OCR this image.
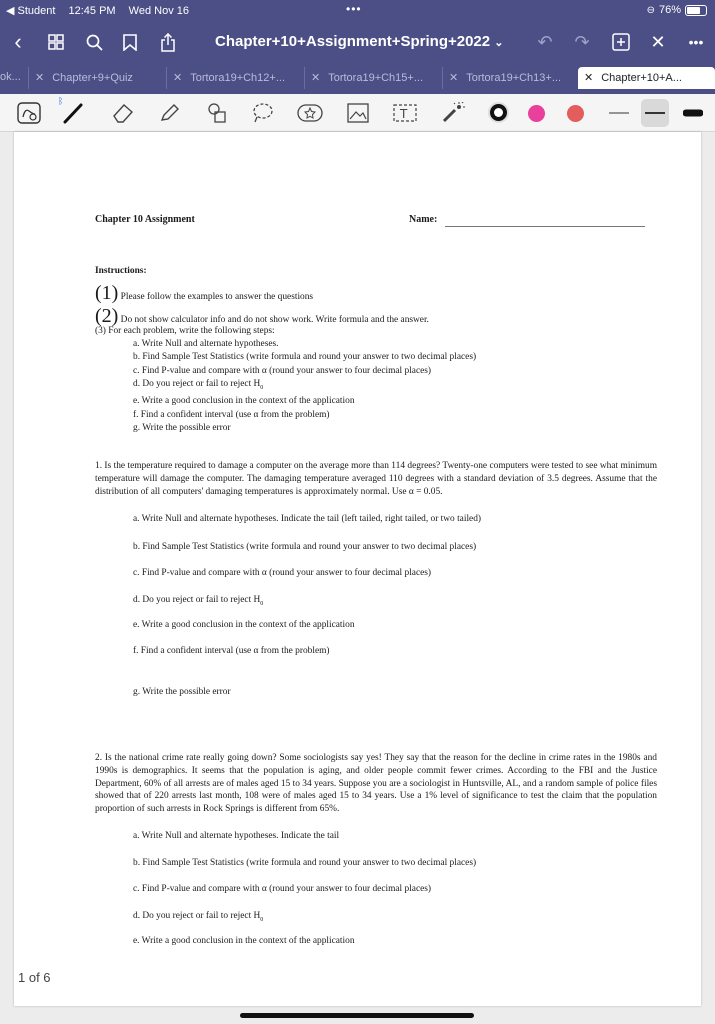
◀ Student 12:45 PM Wed Nov 16	•••	⊖ 76%
‹	Chapter+10+Assignment+Spring+2022 ⌄ ↶ ↷	✕	•••
ok...	✕ Chapter+9+Quiz	✕ Tortora19+Ch12+...	✕ Tortora19+Ch15+...	✕ Tortora19+Ch13+...	✕ Chapter+10+A...
ᛒ
T
Chapter 10 Assignment	Name:
Instructions:
(1) Please follow the examples to answer the questions
(2) Do not show calculator info and do not show work. Write formula and the answer.
(3) For each problem, write the following steps:
a. Write Null and alternate hypotheses.
b. Find Sample Test Statistics (write formula and round your answer to two decimal places)
c. Find P-value and compare with α (round your answer to four decimal places)
d. Do you reject or fail to reject $H_0$
e. Write a good conclusion in the context of the application
f. Find a confident interval (use α from the problem)
g. Write the possible error
1. Is the temperature required to damage a computer on the average more than 114 degrees? Twenty-one computers were tested to see what minimum temperature will damage the computer. The damaging temperature averaged 110 degrees with a standard deviation of 3.5 degrees. Assume that the distribution of all computers' damaging temperatures is approximately normal. Use α = 0.05.
a. Write Null and alternate hypotheses. Indicate the tail (left tailed, right tailed, or two tailed)
b. Find Sample Test Statistics (write formula and round your answer to two decimal places)
c. Find P-value and compare with α (round your answer to four decimal places)
d. Do you reject or fail to reject $H_0$
e. Write a good conclusion in the context of the application
f. Find a confident interval (use α from the problem)
g. Write the possible error
2. Is the national crime rate really going down? Some sociologists say yes! They say that the reason for the decline in crime rates in the 1980s and 1990s is demographics. It seems that the population is aging, and older people commit fewer crimes. According to the FBI and the Justice Department, 60% of all arrests are of males aged 15 to 34 years. Suppose you are a sociologist in Huntsville, AL, and a random sample of police files showed that of 220 arrests last month, 108 were of males aged 15 to 34 years. Use a 1% level of significance to test the claim that the population proportion of such arrests in Rock Springs is different from 65%.
a. Write Null and alternate hypotheses. Indicate the tail
b. Find Sample Test Statistics (write formula and round your answer to two decimal places)
c. Find P-value and compare with α (round your answer to four decimal places)
d. Do you reject or fail to reject $H_0$
e. Write a good conclusion in the context of the application
1 of 6
